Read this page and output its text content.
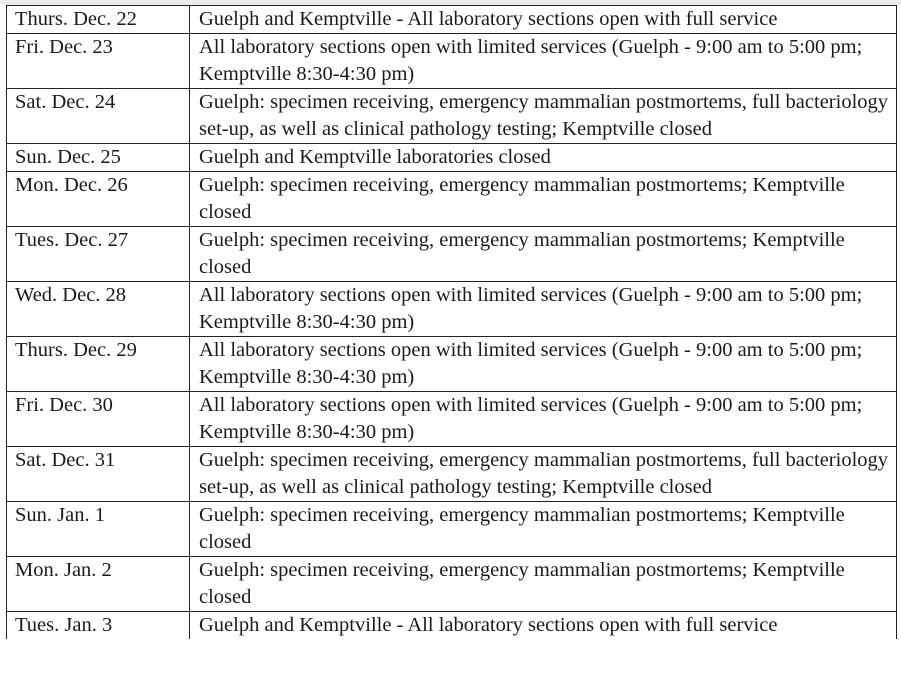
Thurs. Dec. 22	Guelph and Kemptville - All laboratory sections open with full service
Fri. Dec. 23	All laboratory sections open with limited services (Guelph - 9:00 am to 5:00 pm; Kemptville 8:30-4:30 pm)
Sat. Dec. 24	Guelph: specimen receiving, emergency mammalian postmortems, full bacteriology set-up, as well as clinical pathology testing; Kemptville closed
Sun. Dec. 25	Guelph and Kemptville laboratories closed
Mon. Dec. 26	Guelph: specimen receiving, emergency mammalian postmortems; Kemptville closed
Tues. Dec. 27	Guelph: specimen receiving, emergency mammalian postmortems; Kemptville closed
Wed. Dec. 28	All laboratory sections open with limited services (Guelph - 9:00 am to 5:00 pm; Kemptville 8:30-4:30 pm)
Thurs. Dec. 29	All laboratory sections open with limited services (Guelph - 9:00 am to 5:00 pm; Kemptville 8:30-4:30 pm)
Fri. Dec. 30	All laboratory sections open with limited services (Guelph - 9:00 am to 5:00 pm; Kemptville 8:30-4:30 pm)
Sat. Dec. 31	Guelph: specimen receiving, emergency mammalian postmortems, full bacteriology set-up, as well as clinical pathology testing; Kemptville closed
Sun. Jan. 1	Guelph: specimen receiving, emergency mammalian postmortems; Kemptville closed
Mon. Jan. 2	Guelph: specimen receiving, emergency mammalian postmortems; Kemptville closed
Tues. Jan. 3	Guelph and Kemptville - All laboratory sections open with full service
